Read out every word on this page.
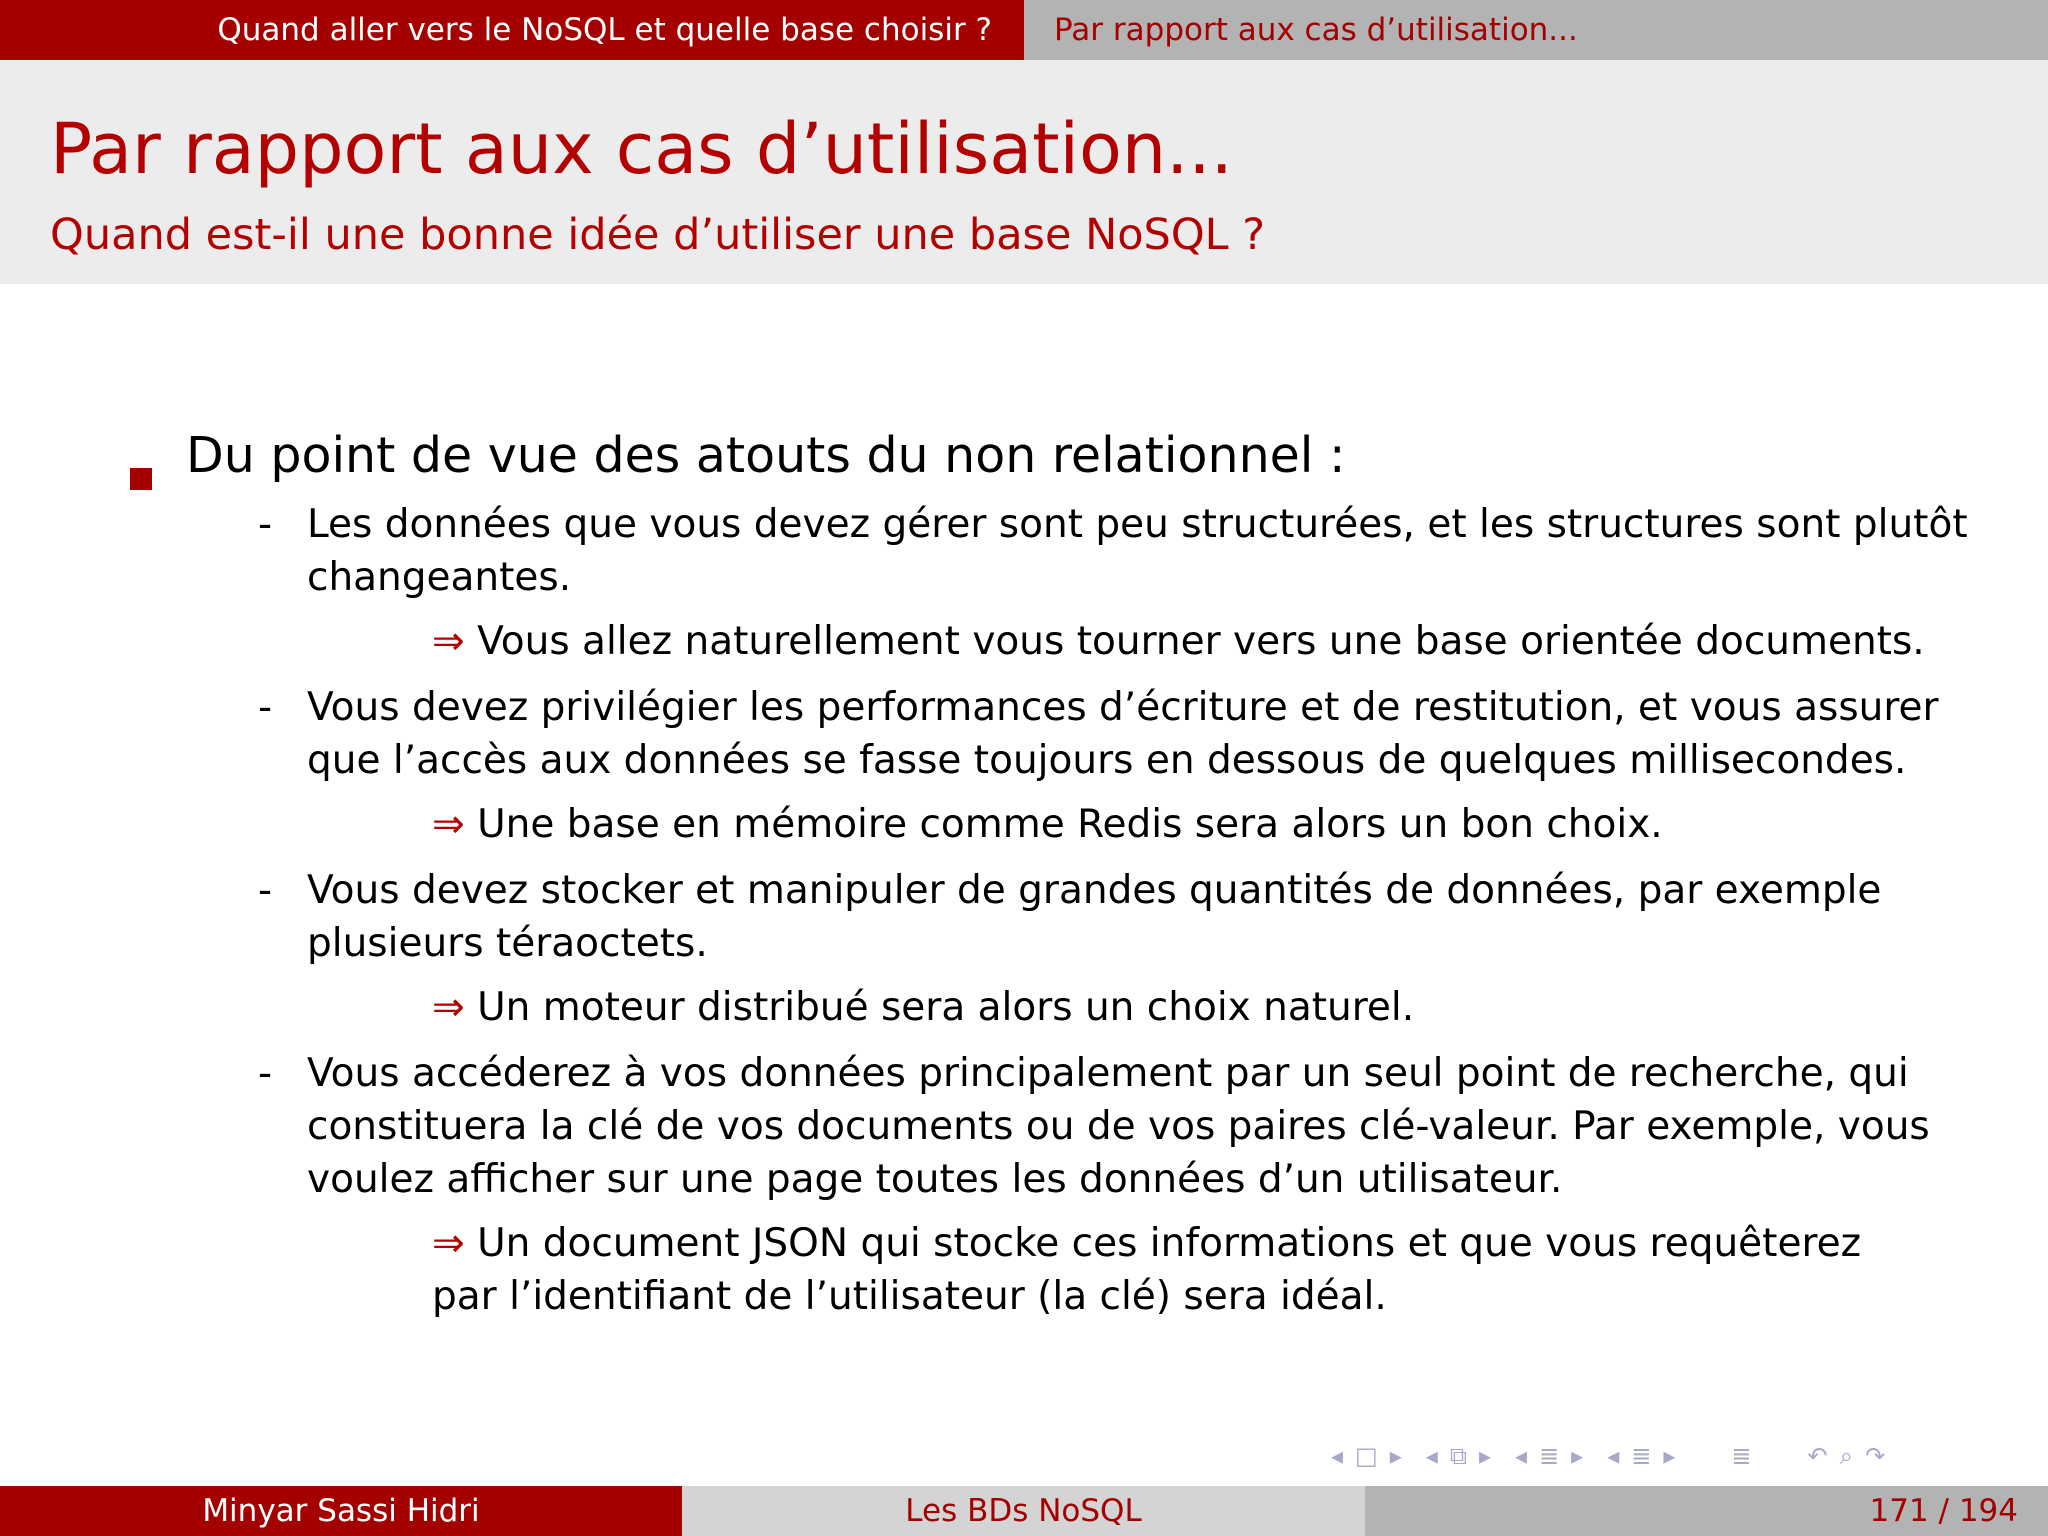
Quand aller vers le NoSQL et quelle base choisir ?	Par rapport aux cas d’utilisation...
Par rapport aux cas d’utilisation...
Quand est-il une bonne idée d’utiliser une base NoSQL ?
Du point de vue des atouts du non relationnel :
- Les données que vous devez gérer sont peu structurées, et les structures sont plutôt
changeantes.
⇒ Vous allez naturellement vous tourner vers une base orientée documents.
- Vous devez privilégier les performances d’écriture et de restitution, et vous assurer
que l’accès aux données se fasse toujours en dessous de quelques millisecondes.
⇒ Une base en mémoire comme Redis sera alors un bon choix.
- Vous devez stocker et manipuler de grandes quantités de données, par exemple
plusieurs téraoctets.
⇒ Un moteur distribué sera alors un choix naturel.
- Vous accéderez à vos données principalement par un seul point de recherche, qui
constituera la clé de vos documents ou de vos paires clé-valeur. Par exemple, vous
voulez afficher sur une page toutes les données d’un utilisateur.
⇒ Un document JSON qui stocke ces informations et que vous requêterez
par l’identifiant de l’utilisateur (la clé) sera idéal.
◂ □ ▸ ◂ ⧉ ▸ ◂ ≣ ▸ ◂ ≣ ▸ ≣ ↶ ⌕ ↷
Minyar Sassi Hidri	Les BDs NoSQL	171 / 194
